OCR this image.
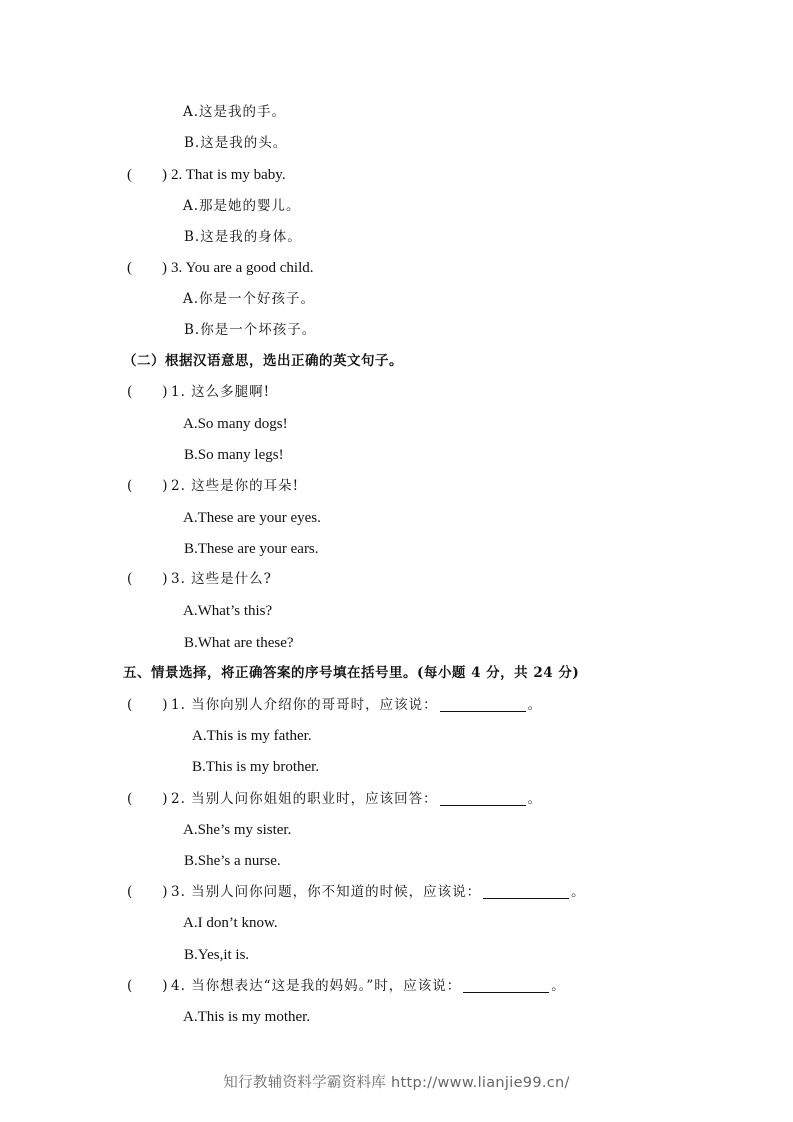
A.这是我的手。
B.这是我的头。
(　　) 2. That is my baby.
A.那是她的婴儿。
B.这是我的身体。
(　　) 3. You are a good child.
A.你是一个好孩子。
B.你是一个坏孩子。
（二）根据汉语意思，选出正确的英文句子。
(　　) 1. 这么多腿啊!
A.So many dogs!
B.So many legs!
(　　) 2. 这些是你的耳朵!
A.These are your eyes.
B.These are your ears.
(　　) 3. 这些是什么?
A.What’s this?
B.What are these?
五、情景选择，将正确答案的序号填在括号里。(每小题 4 分，共 24 分)
(　　) 1. 当你向别人介绍你的哥哥时，应该说：	。
A.This is my father.
B.This is my brother.
(　　) 2. 当别人问你姐姐的职业时，应该回答：	。
A.She’s my sister.
B.She’s a nurse.
(　　) 3. 当别人问你问题，你不知道的时候，应该说：	。
A.I don’t know.
B.Yes,it is.
(　　) 4. 当你想表达“这是我的妈妈。”时，应该说：	。
A.This is my mother.
知行教辅资料学霸资料库 http://www.lianjie99.cn/
